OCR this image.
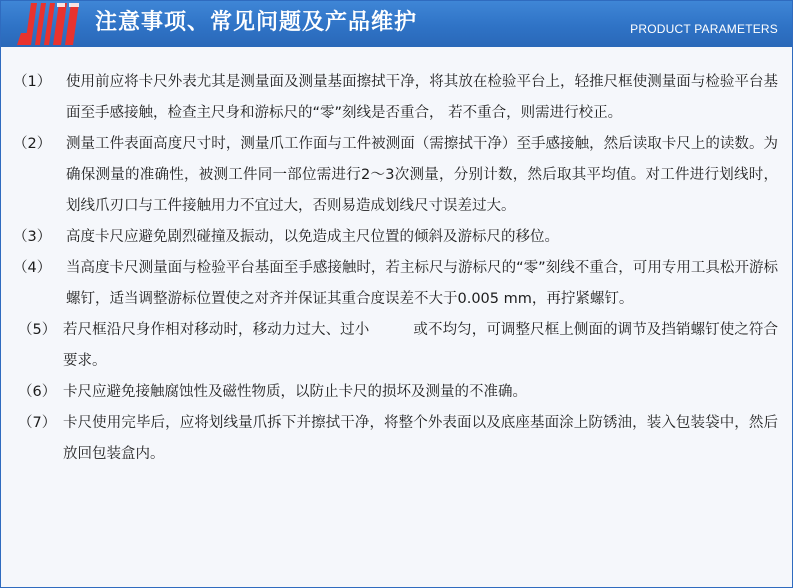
注意事项、常见问题及产品维护	PRODUCT PARAMETERS
（1） 使用前应将卡尺外表尤其是测量面及测量基面擦拭干净，将其放在检验平台上，轻推尺框使测量面与检验平台基面至手感接触，检查主尺身和游标尺的“零”刻线是否重合， 若不重合，则需进行校正。
（2） 测量工件表面高度尺寸时，测量爪工作面与工件被测面（需擦拭干净）至手感接触，然后读取卡尺上的读数。为确保测量的准确性，被测工件同一部位需进行2～3次测量，分别计数，然后取其平均值。对工件进行划线时，划线爪刃口与工件接触用力不宜过大，否则易造成划线尺寸误差过大。
（3） 高度卡尺应避免剧烈碰撞及振动，以免造成主尺位置的倾斜及游标尺的移位。
（4） 当高度卡尺测量面与检验平台基面至手感接触时，若主标尺与游标尺的“零”刻线不重合，可用专用工具松开游标螺钉，适当调整游标位置使之对齐并保证其重合度误差不大于0.005 mm，再拧紧螺钉。
（5） 若尺框沿尺身作相对移动时，移动力过大、过小	或不均匀，可调整尺框上侧面的调节及挡销螺钉使之符合要求。
（6） 卡尺应避免接触腐蚀性及磁性物质，以防止卡尺的损坏及测量的不准确。
（7） 卡尺使用完毕后，应将划线量爪拆下并擦拭干净，将整个外表面以及底座基面涂上防锈油，装入包装袋中，然后放回包装盒内。
